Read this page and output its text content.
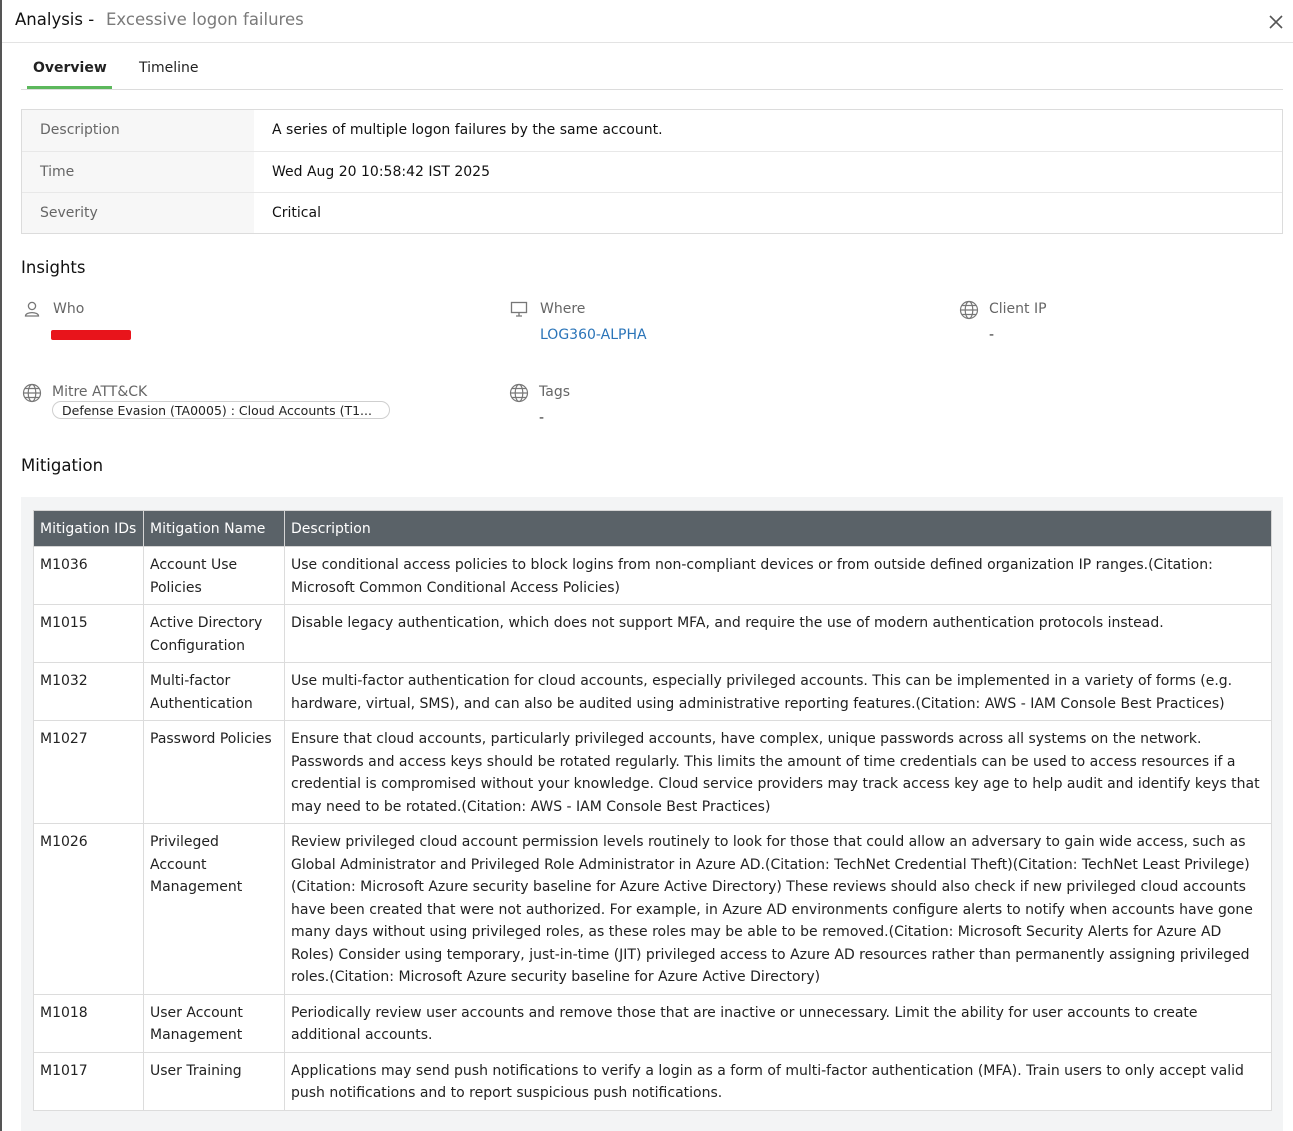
Analysis - Excessive logon failures
Overview Timeline
Description	A series of multiple logon failures by the same account.
Time	Wed Aug 20 10:58:42 IST 2025
Severity	Critical
Insights
Who	Where
LOG360-ALPHA
Client IP
-
Mitre ATT&CK
Defense Evasion (TA0005) : Cloud Accounts (T1...
Tags
-
Mitigation
Mitigation IDs	Mitigation Name	Description
M1036	Account Use Policies	Use conditional access policies to block logins from non-compliant devices or from outside defined organization IP ranges.(Citation: Microsoft Common Conditional Access Policies)
M1015	Active Directory Configuration	Disable legacy authentication, which does not support MFA, and require the use of modern authentication protocols instead.
M1032	Multi-factor Authentication	Use multi-factor authentication for cloud accounts, especially privileged accounts. This can be implemented in a variety of forms (e.g. hardware, virtual, SMS), and can also be audited using administrative reporting features.(Citation: AWS - IAM Console Best Practices)
M1027	Password Policies	Ensure that cloud accounts, particularly privileged accounts, have complex, unique passwords across all systems on the network. Passwords and access keys should be rotated regularly. This limits the amount of time credentials can be used to access resources if a credential is compromised without your knowledge. Cloud service providers may track access key age to help audit and identify keys that may need to be rotated.(Citation: AWS - IAM Console Best Practices)
M1026	Privileged Account Management	Review privileged cloud account permission levels routinely to look for those that could allow an adversary to gain wide access, such as Global Administrator and Privileged Role Administrator in Azure AD.(Citation: TechNet Credential Theft)(Citation: TechNet Least Privilege)(Citation: Microsoft Azure security baseline for Azure Active Directory) These reviews should also check if new privileged cloud accounts have been created that were not authorized. For example, in Azure AD environments configure alerts to notify when accounts have gone many days without using privileged roles, as these roles may be able to be removed.(Citation: Microsoft Security Alerts for Azure AD Roles) Consider using temporary, just-in-time (JIT) privileged access to Azure AD resources rather than permanently assigning privileged roles.(Citation: Microsoft Azure security baseline for Azure Active Directory)
M1018	User Account Management	Periodically review user accounts and remove those that are inactive or unnecessary. Limit the ability for user accounts to create additional accounts.
M1017	User Training	Applications may send push notifications to verify a login as a form of multi-factor authentication (MFA). Train users to only accept valid push notifications and to report suspicious push notifications.
